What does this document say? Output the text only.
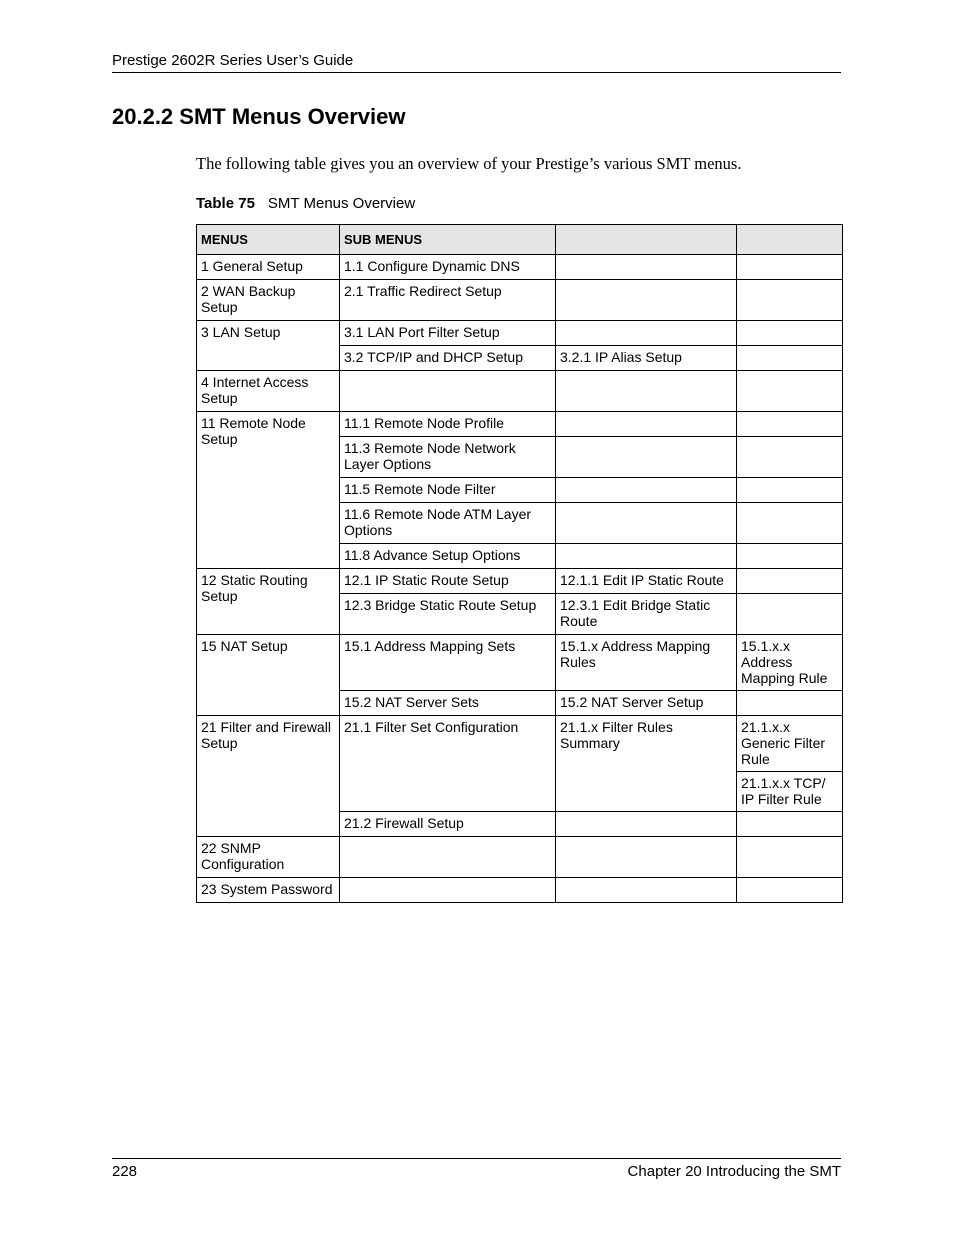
Prestige 2602R Series User’s Guide
20.2.2 SMT Menus Overview
The following table gives you an overview of your Prestige’s various SMT menus.
Table 75 SMT Menus Overview
MENUS	SUB MENUS		
1 General Setup	1.1 Configure Dynamic DNS		
2 WAN Backup Setup	2.1 Traffic Redirect Setup		
3 LAN Setup	3.1 LAN Port Filter Setup		
	3.2 TCP/IP and DHCP Setup	3.2.1 IP Alias Setup	
4 Internet Access Setup			
11 Remote Node Setup	11.1 Remote Node Profile		
	11.3 Remote Node Network Layer Options		
	11.5 Remote Node Filter		
	11.6 Remote Node ATM Layer Options		
	11.8 Advance Setup Options		
12 Static Routing Setup	12.1 IP Static Route Setup	12.1.1 Edit IP Static Route	
	12.3 Bridge Static Route Setup	12.3.1 Edit Bridge Static Route	
15 NAT Setup	15.1 Address Mapping Sets	15.1.x Address Mapping Rules	15.1.x.x Address Mapping Rule
	15.2 NAT Server Sets	15.2 NAT Server Setup	
21 Filter and Firewall Setup	21.1 Filter Set Configuration	21.1.x Filter Rules Summary	21.1.x.x Generic Filter Rule
			21.1.x.x TCP/ IP Filter Rule
	21.2 Firewall Setup		
22 SNMP Configuration			
23 System Password			
228	Chapter 20 Introducing the SMT
